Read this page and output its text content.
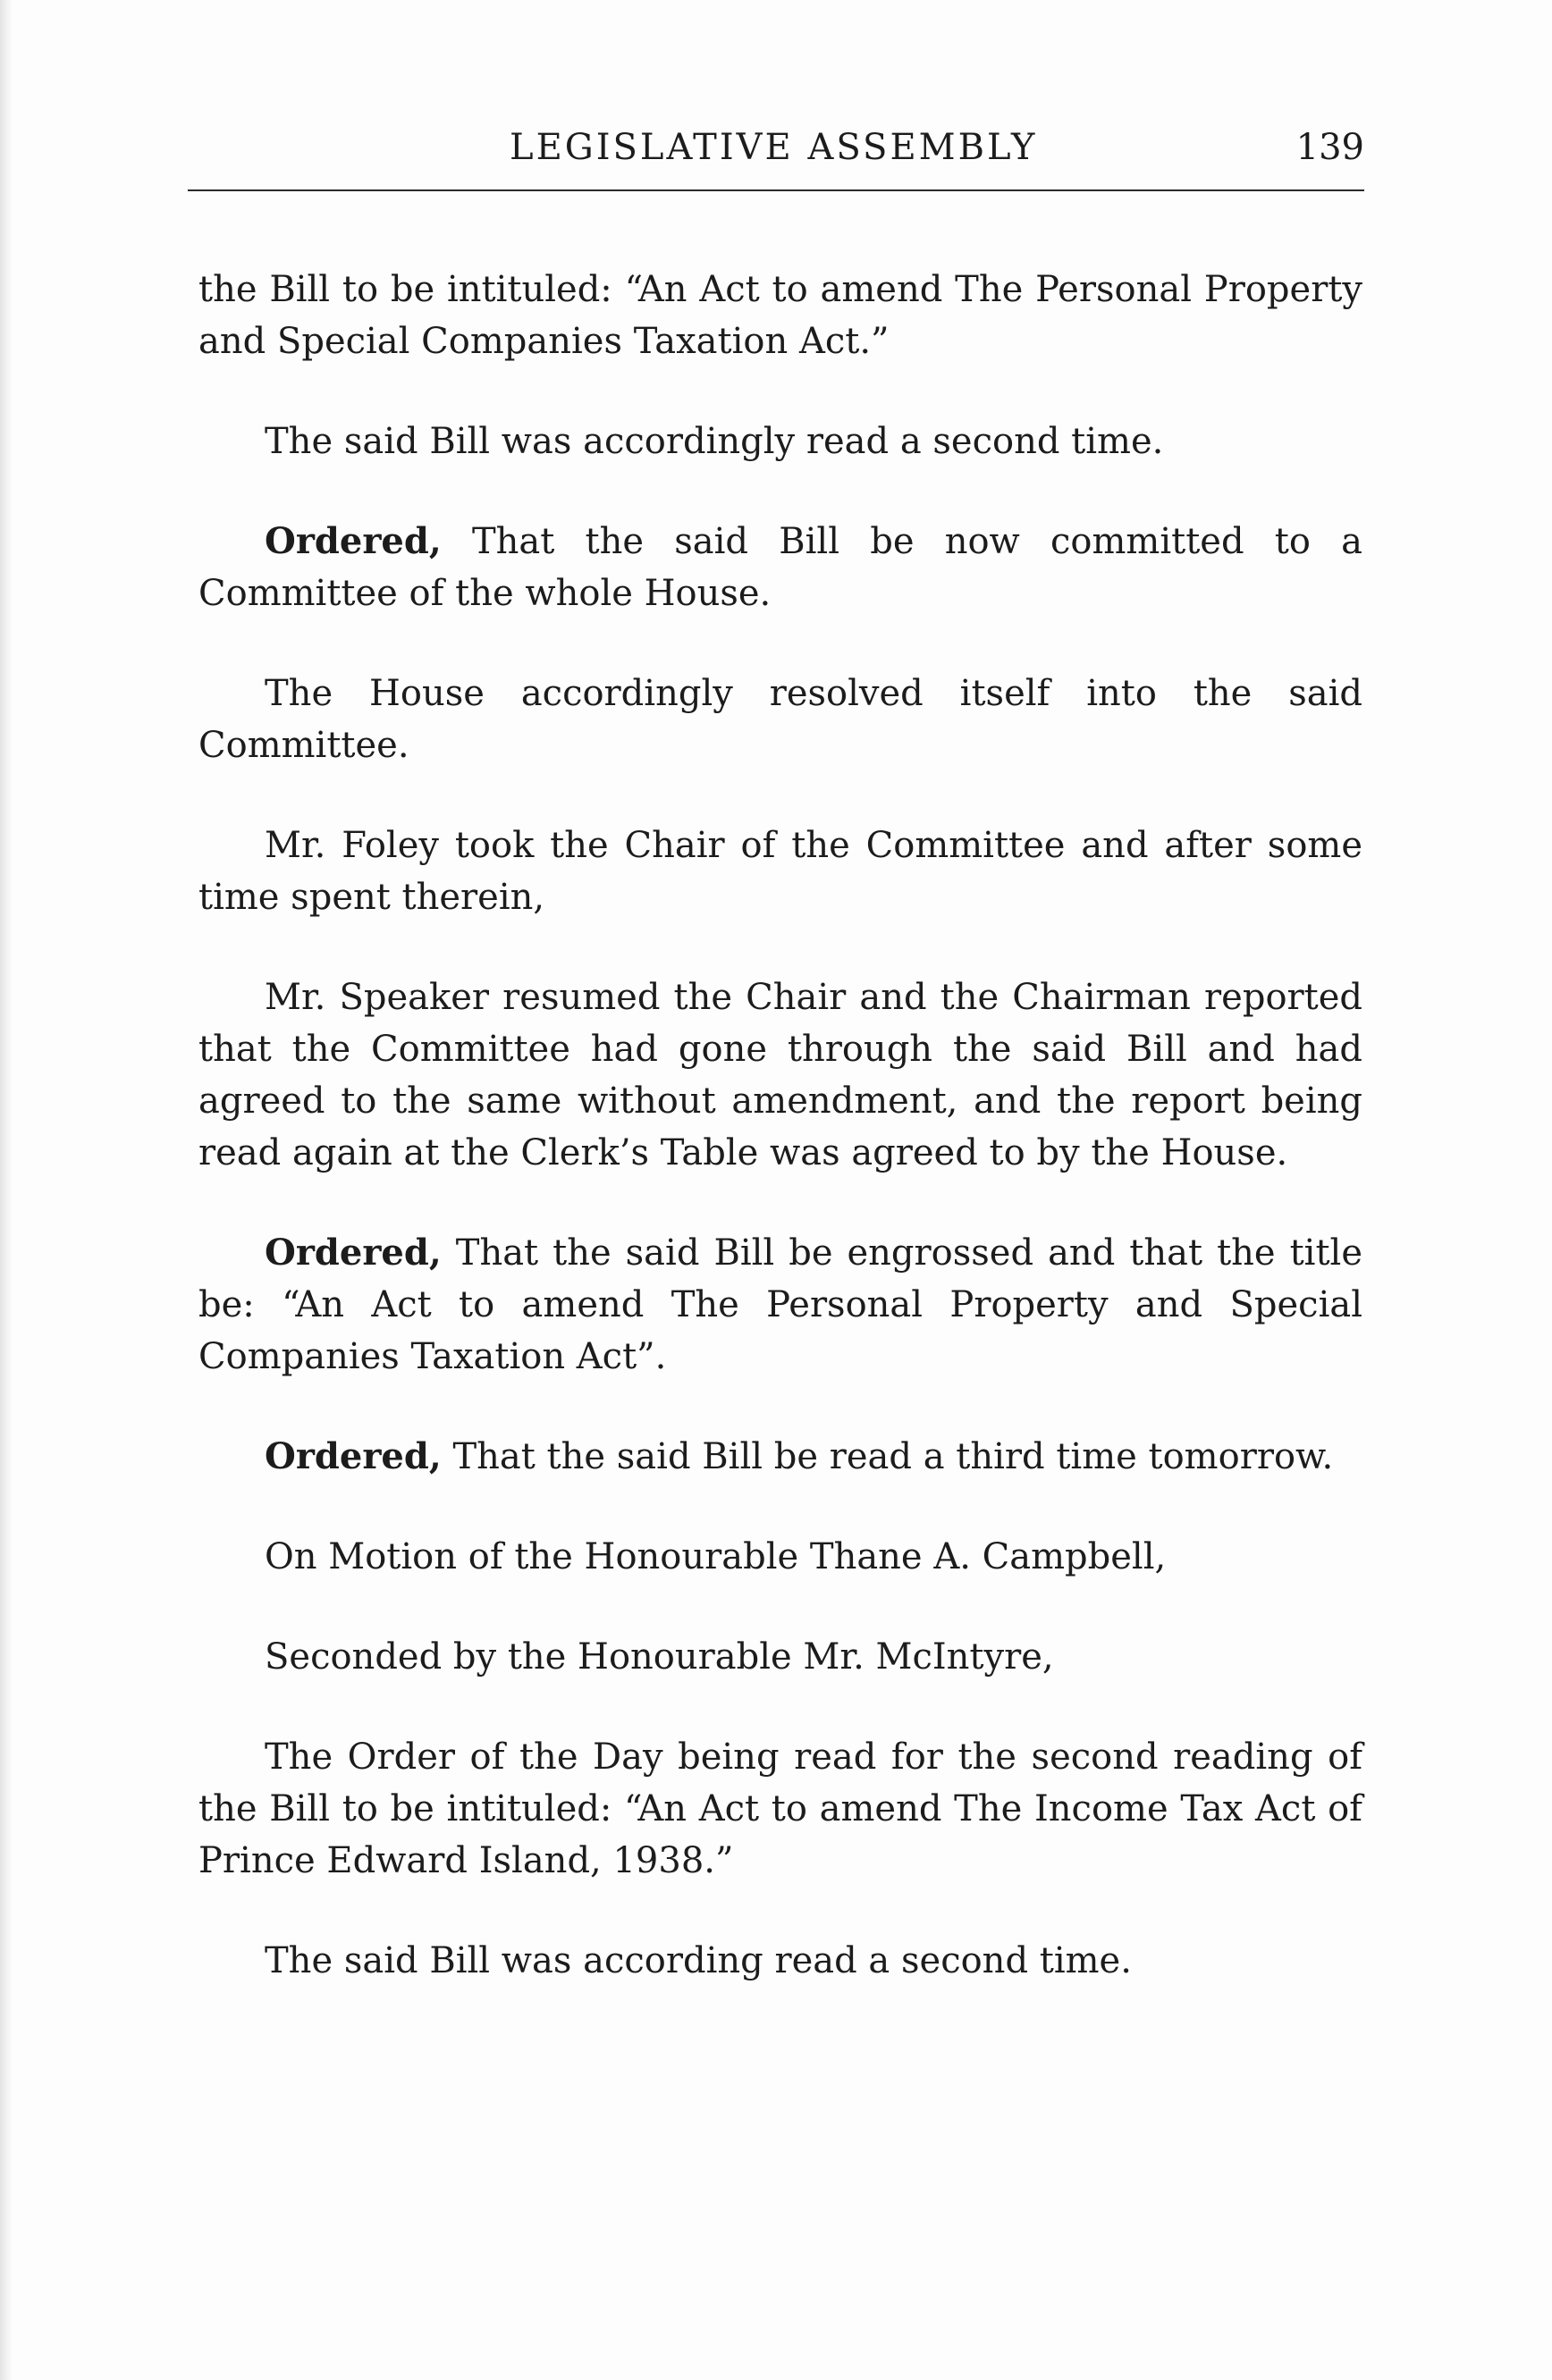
LEGISLATIVE ASSEMBLY	139

the Bill to be intituled: “An Act to amend The Personal Property and Special Companies Taxation Act.”

The said Bill was accordingly read a second time.

Ordered, That the said Bill be now committed to a Committee of the whole House.

The House accordingly resolved itself into the said Committee.

Mr. Foley took the Chair of the Committee and after some time spent therein,

Mr. Speaker resumed the Chair and the Chairman reported that the Committee had gone through the said Bill and had agreed to the same without amendment, and the report being read again at the Clerk’s Table was agreed to by the House.

Ordered, That the said Bill be engrossed and that the title be: “An Act to amend The Personal Property and Special Companies Taxation Act”.

Ordered, That the said Bill be read a third time tomorrow.

On Motion of the Honourable Thane A. Campbell,

Seconded by the Honourable Mr. McIntyre,

The Order of the Day being read for the second reading of the Bill to be intituled: “An Act to amend The Income Tax Act of Prince Edward Island, 1938.”

The said Bill was according read a second time.
